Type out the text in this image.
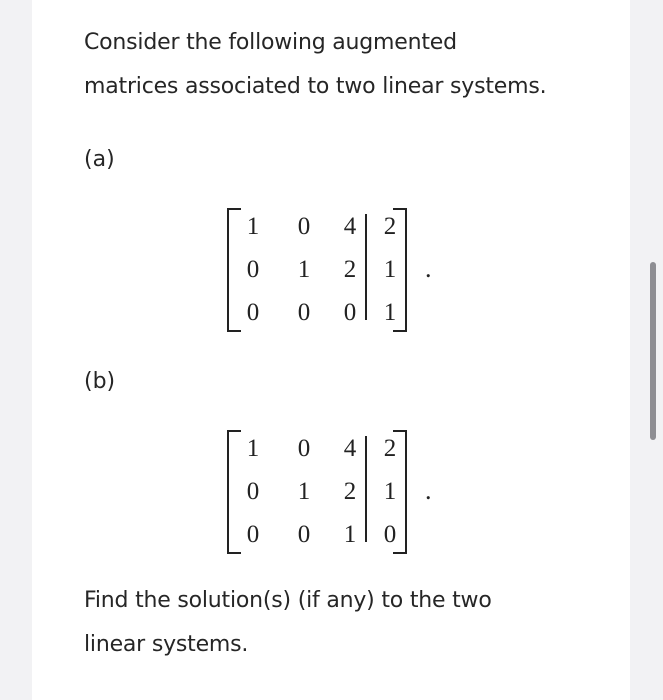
Consider the following augmented
matrices associated to two linear systems.
(a)
1	0	4	2
0	1	2	1
0	0	0	1
.
(b)
1	0	4	2
0	1	2	1
0	0	1	0
.
Find the solution(s) (if any) to the two
linear systems.
